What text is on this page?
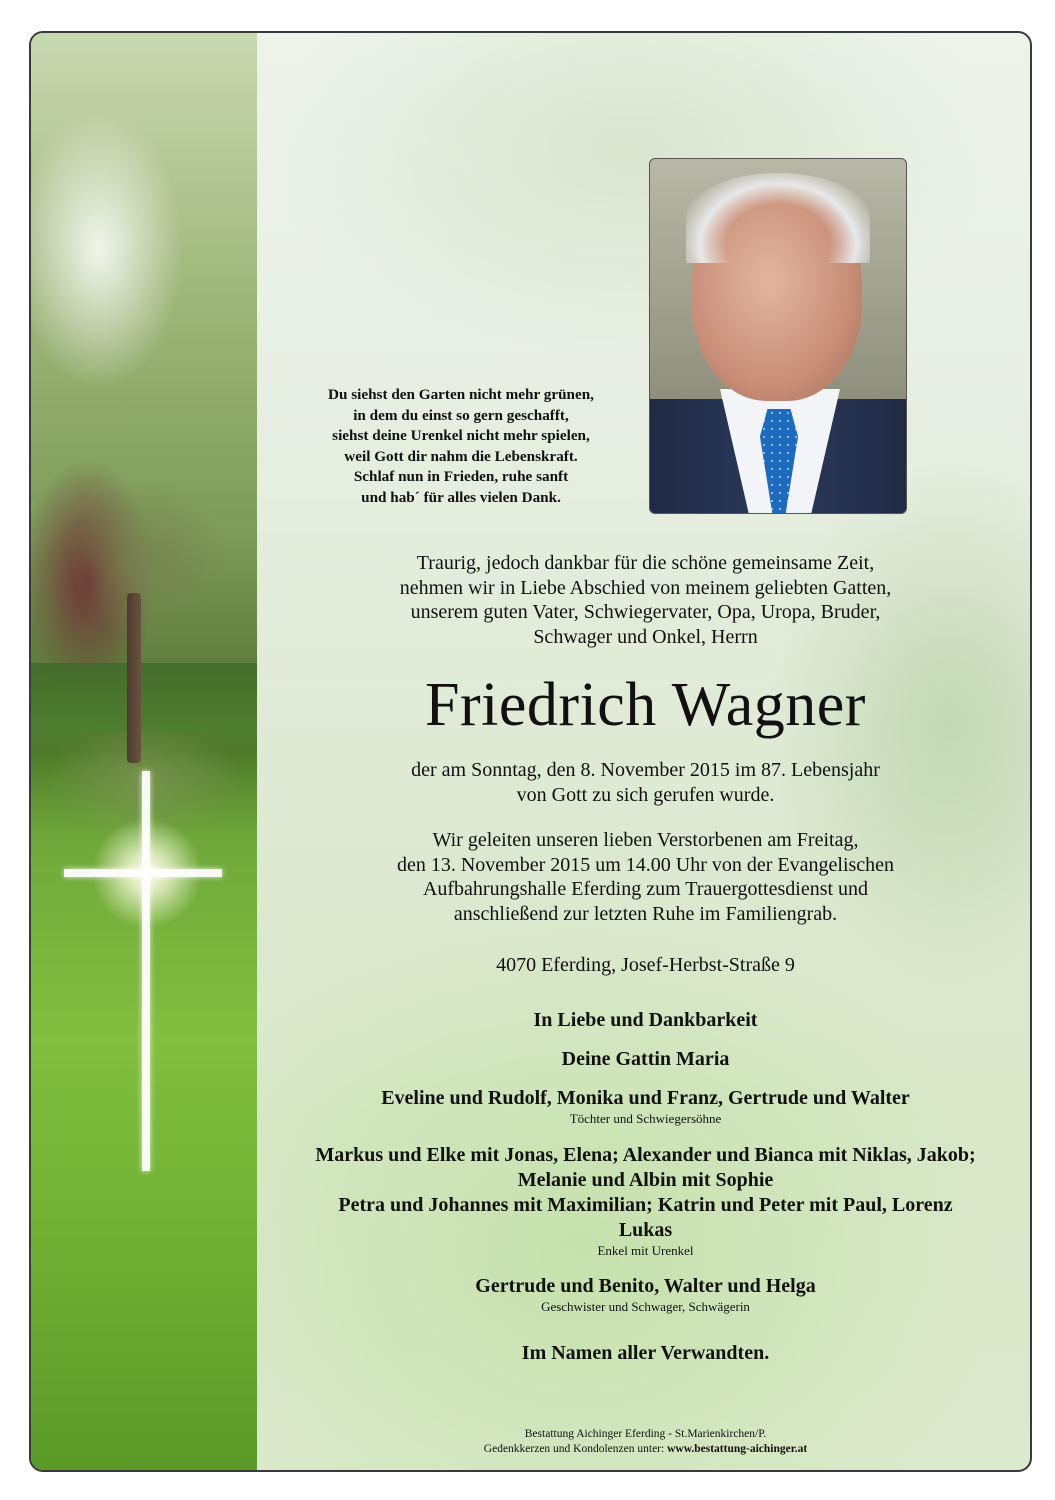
Du siehst den Garten nicht mehr grünen,
in dem du einst so gern geschafft,
siehst deine Urenkel nicht mehr spielen,
weil Gott dir nahm die Lebenskraft.
Schlaf nun in Frieden, ruhe sanft
und hab´ für alles vielen Dank.
Traurig, jedoch dankbar für die schöne gemeinsame Zeit,
nehmen wir in Liebe Abschied von meinem geliebten Gatten,
unserem guten Vater, Schwiegervater, Opa, Uropa, Bruder,
Schwager und Onkel, Herrn
Friedrich Wagner
der am Sonntag, den 8. November 2015 im 87. Lebensjahr
von Gott zu sich gerufen wurde.
Wir geleiten unseren lieben Verstorbenen am Freitag,
den 13. November 2015 um 14.00 Uhr von der Evangelischen
Aufbahrungshalle Eferding zum Trauergottesdienst und
anschließend zur letzten Ruhe im Familiengrab.
4070 Eferding, Josef-Herbst-Straße 9
In Liebe und Dankbarkeit
Deine Gattin Maria
Eveline und Rudolf, Monika und Franz, Gertrude und Walter
Töchter und Schwiegersöhne
Markus und Elke mit Jonas, Elena; Alexander und Bianca mit Niklas, Jakob;
Melanie und Albin mit Sophie
Petra und Johannes mit Maximilian; Katrin und Peter mit Paul, Lorenz
Lukas
Enkel mit Urenkel
Gertrude und Benito, Walter und Helga
Geschwister und Schwager, Schwägerin
Im Namen aller Verwandten.
Bestattung Aichinger Eferding - St.Marienkirchen/P.
Gedenkkerzen und Kondolenzen unter: www.bestattung-aichinger.at
